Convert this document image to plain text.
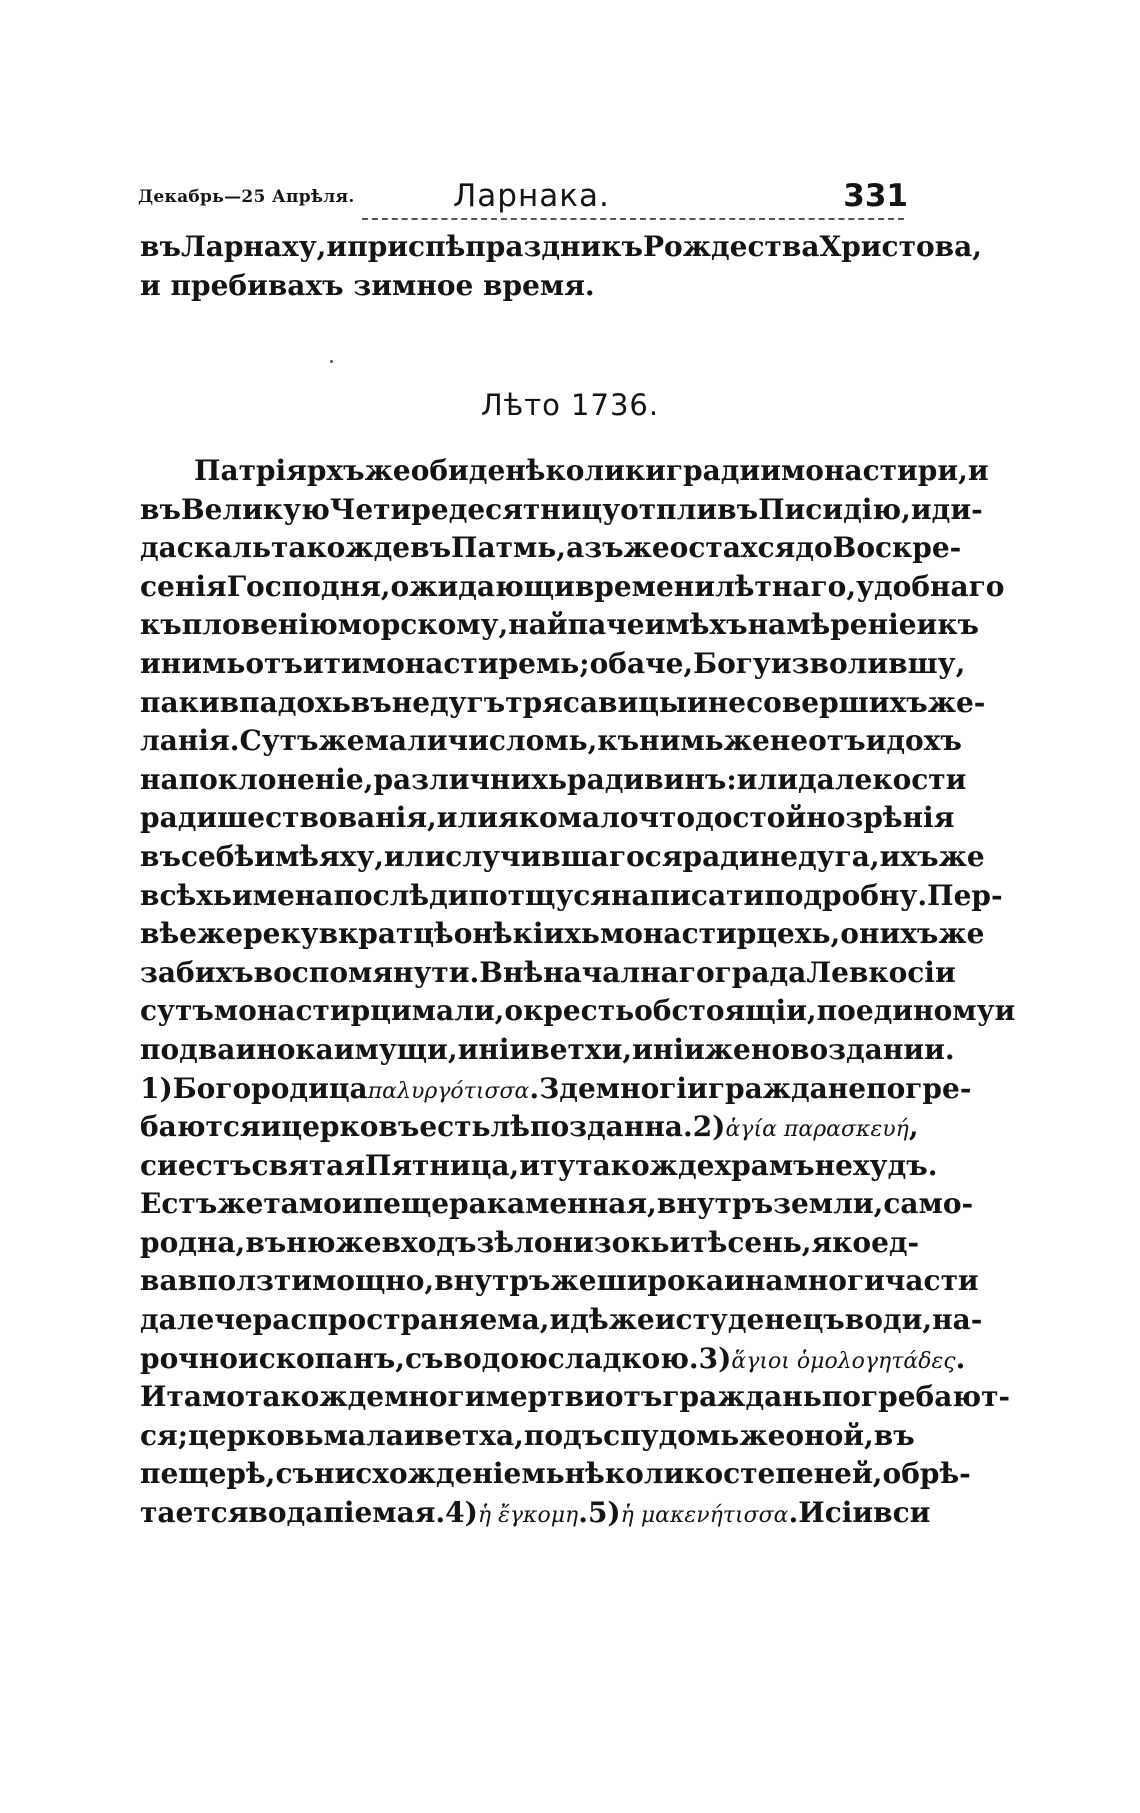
Декабрь—25 Апрѣля.	Ларнака.	331
въ Ларнаху, и приспѣ праздникъ Рождества Христова,
и пребивахъ зимное время.
Лѣто 1736.
Патріярхъ же обиде нѣколики гради и монастири, и
въ Великую Четиредесятницу отпли въ Писидію, и ди-
даскаль такожде въ Патмь, азъ же остахся до Воскре-
сенія Господня, ожидающи времени лѣтнаго, удобнаго
къ пловенію морскому, найпаче имѣхъ намѣреніе и къ
инимь отъити монастиремь; обаче, Богу изволившу,
паки впадохь въ недугъ трясавицы и не совершихъ же-
ланія. Сутъ же мали числомь, къ нимь же не отъидохъ
на поклоненіе, различнихь ради винъ: или далекости
ради шествованія, или яко мало что достойно зрѣнія
въ себѣ имѣяху, или случившагося ради недуга, ихъже
всѣхь имена послѣди потщуся написати подробну. Пер-
вѣе же реку вкратцѣ о нѣкіихь монастирцехь, о нихъ же
забихъ воспомянути. Внѣ началнаго града Левкосіи
сутъ монастирци мали, окресть обстоящіи, по единому и
по два инока имущи, иніи ветхи, иніи же новоздании.
1) Богородица παλυργότισσα . Зде многіи граждане погре-
баются и церковъ есть лѣпозданна. 2) ἁγία παρασκευή ,
си естъ святая Пятница, и ту такожде храмъ не худъ.
Естъ же тамо и пещера каменная, внутръ земли, само-
родна, въ ню же входъ зѣло низокь и тѣсень, яко ед-
ва вползти мощно, внутръ же широка и на многи части
далече распространяема, идѣже и студенецъ води, на-
рочно ископанъ, съ водою сладкою. 3) ἅγιοι ὁμολογητάδες .
И тамо такожде многи мертви отъ граждань погребают-
ся; церковь мала и ветха, подъ спудомь же оной, въ
пещерѣ, съ нисхожденіемь нѣколико степеней, обрѣ-
тается вода піемая. 4) ἡ ἔγκομη . 5) ἡ μακενήτισσα . И сіи вси
